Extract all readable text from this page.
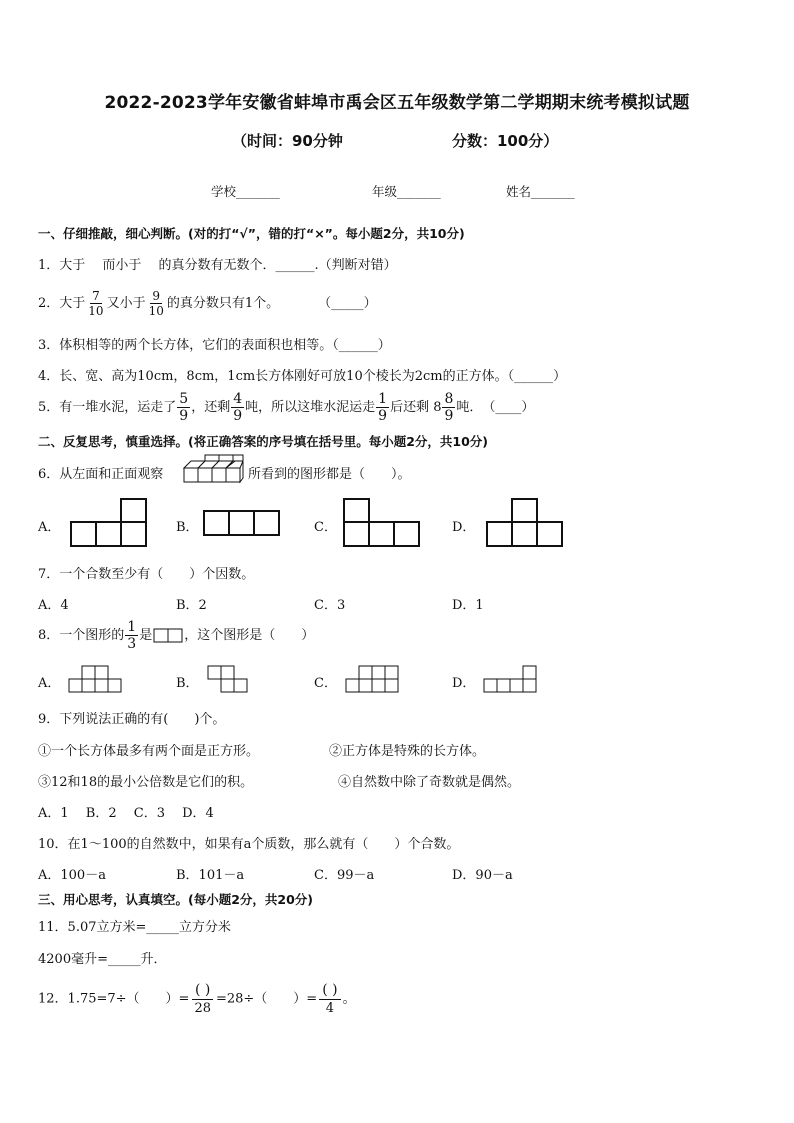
2022-2023学年安徽省蚌埠市禹会区五年级数学第二学期期末统考模拟试题
（时间：90分钟	分数：100分）
学校_______	年级_______	姓名_______
一、仔细推敲，细心判断。(对的打“√”，错的打“×”。每小题2分，共10分)
1．大于　 而小于　 的真分数有无数个．______.（判断对错）
2．大于 $\frac{7}{10}$ 又小于 $\frac{9}{10}$ 的真分数只有1个。　　　　（_____）
3．体积相等的两个长方体，它们的表面积也相等。（______）
4．长、宽、高为10cm，8cm，1cm长方体刚好可放10个棱长为2cm的正方体。（______）
5．有一堆水泥，运走了 $\frac{5}{9}$ ，还剩 $\frac{4}{9}$ 吨，所以这堆水泥运走 $\frac{1}{9}$ 后还剩 $8 \frac{8}{9}$ 吨．　（____）
二、反复思考，慎重选择。(将正确答案的序号填在括号里。每小题2分，共10分)
6．从左面和正面观察	所看到的图形都是（　　）。
A．	B．	C．	D．
7．一个合数至少有（　　）个因数。
A．4	B．2	C．3	D．1
8．一个图形的 $\frac{1}{3}$ 是 ，这个图形是（　　）
A．	B．	C．	D．
9．下列说法正确的有(　　)个。
①一个长方体最多有两个面是正方形。	②正方体是特殊的长方体。
③12和18的最小公倍数是它们的积。	④自然数中除了奇数就是偶然。
A．1　 B．2　 C．3　 D．4
10．在1～100的自然数中，如果有a个质数，那么就有（　　）个合数。
A．100－a	B．101－a	C．99－a	D．90－a
三、用心思考，认真填空。(每小题2分，共20分)
11．5.07立方米=_____立方分米
4200毫升=_____升．
12．1.75=7÷（　　）= $\frac{( )}{28} =28\div$（　　）= $\frac{( )}{4}$ 。
